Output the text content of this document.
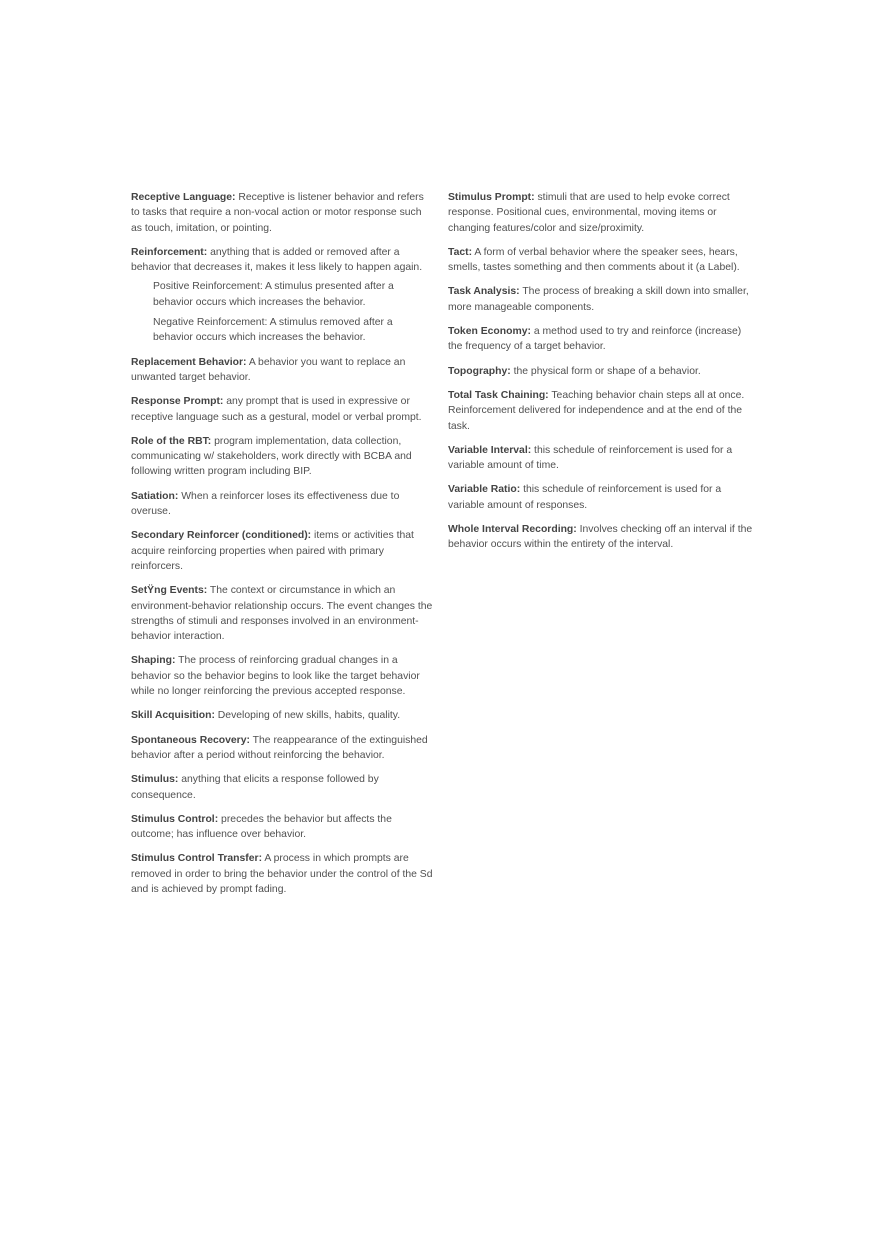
Receptive Language: Receptive is listener behavior and refers to tasks that require a non-vocal action or motor response such as touch, imitation, or pointing.

Reinforcement: anything that is added or removed after a behavior that decreases it, makes it less likely to happen again.

Positive Reinforcement: A stimulus presented after a behavior occurs which increases the behavior.

Negative Reinforcement: A stimulus removed after a behavior occurs which increases the behavior.

Replacement Behavior: A behavior you want to replace an unwanted target behavior.

Response Prompt: any prompt that is used in expressive or receptive language such as a gestural, model or verbal prompt.

Role of the RBT: program implementation, data collection, communicating w/ stakeholders, work directly with BCBA and following written program including BIP.

Satiation: When a reinforcer loses its effectiveness due to overuse.

Secondary Reinforcer (conditioned): items or activities that acquire reinforcing properties when paired with primary reinforcers.

SetŸng Events: The context or circumstance in which an environment-behavior relationship occurs. The event changes the strengths of stimuli and responses involved in an environment-behavior interaction.

Shaping: The process of reinforcing gradual changes in a behavior so the behavior begins to look like the target behavior while no longer reinforcing the previous accepted response.

Skill Acquisition: Developing of new skills, habits, quality.

Spontaneous Recovery: The reappearance of the extinguished behavior after a period without reinforcing the behavior.

Stimulus: anything that elicits a response followed by consequence.

Stimulus Control: precedes the behavior but affects the outcome; has influence over behavior.

Stimulus Control Transfer: A process in which prompts are removed in order to bring the behavior under the control of the Sd and is achieved by prompt fading.

Stimulus Prompt: stimuli that are used to help evoke correct response. Positional cues, environmental, moving items or changing features/color and size/proximity.

Tact: A form of verbal behavior where the speaker sees, hears, smells, tastes something and then comments about it (a Label).

Task Analysis: The process of breaking a skill down into smaller, more manageable components.

Token Economy: a method used to try and reinforce (increase) the frequency of a target behavior.

Topography: the physical form or shape of a behavior.

Total Task Chaining: Teaching behavior chain steps all at once. Reinforcement delivered for independence and at the end of the task.

Variable Interval: this schedule of reinforcement is used for a variable amount of time.

Variable Ratio: this schedule of reinforcement is used for a variable amount of responses.

Whole Interval Recording: Involves checking off an interval if the behavior occurs within the entirety of the interval.
